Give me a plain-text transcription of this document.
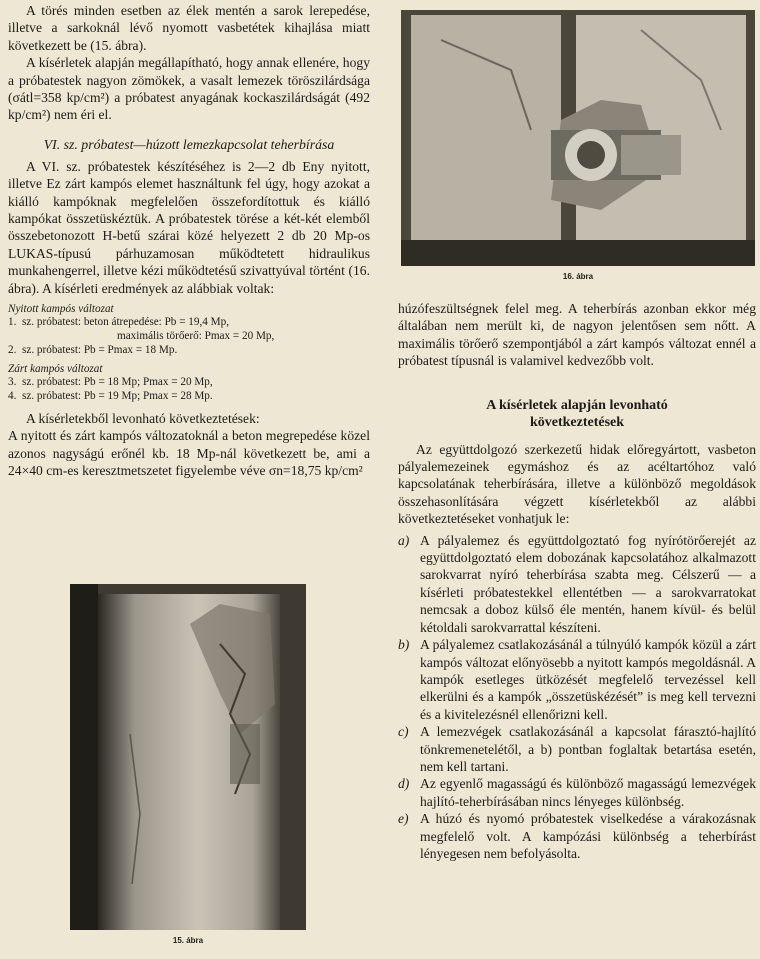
A törés minden esetben az élek mentén a sarok lerepedése, illetve a sarkoknál lévő nyomott vasbetétek kihajlása miatt következett be (15. ábra).

A kísérletek alapján megállapítható, hogy annak ellenére, hogy a próbatestek nagyon zömökek, a vasalt lemezek töröszilárdsága (σátl=358 kp/cm²) a próbatest anyagának kockaszilárdságát (492 kp/cm²) nem éri el.

VI. sz. próbatest—húzott lemezkapcsolat teherbírása

A VI. sz. próbatestek készítéséhez is 2—2 db Eny nyitott, illetve Ez zárt kampós elemet használtunk fel úgy, hogy azokat a kiálló kampóknak megfelelően összefordítottuk és kiálló kampókat összetüskéztük. A próbatestek törése a két-két elemből összebetonozott H-betű szárai közé helyezett 2 db 20 Mp-os LUKAS-típusú párhuzamosan működtetett hidraulikus munkahengerrel, illetve kézi működtetésű szivattyúval történt (16. ábra). A kísérleti eredmények az alábbiak voltak:

Nyitott kampós változat

1. sz. próbatest: beton átrepedése: Pb = 19,4 Mp,
maximális törőerő: Pmax = 20 Mp,
2. sz. próbatest: Pb = Pmax = 18 Mp.

Zárt kampós változat

3. sz. próbatest: Pb = 18 Mp; Pmax = 20 Mp,
4. sz. próbatest: Pb = 19 Mp; Pmax = 28 Mp.

A kísérletekből levonható következtetések:

A nyitott és zárt kampós változatoknál a beton megrepedése közel azonos nagyságú erőnél kb. 18 Mp-nál következett be, ami a 24×40 cm-es keresztmetszetet figyelembe véve σn=18,75 kp/cm²

15. ábra
16. ábra

húzófeszültségnek felel meg. A teherbírás azonban ekkor még általában nem merült ki, de nagyon jelentősen sem nőtt. A maximális törőerő szempontjából a zárt kampós változat ennél a próbatest típusnál is valamivel kedvezőbb volt.

A kísérletek alapján levonható következtetések

Az együttdolgozó szerkezetű hidak előregyártott, vasbeton pályalemezeinek egymáshoz és az acéltartóhoz való kapcsolatának teherbírására, illetve a különböző megoldások összehasonlítására végzett kísérletekből az alábbi következtetéseket vonhatjuk le:

a) A pályalemez és együttdolgoztató fog nyírótörőerejét az együttdolgoztató elem dobozának kapcsolatához alkalmazott sarokvarrat nyíró teherbírása szabta meg. Célszerű — a kísérleti próbatestekkel ellentétben — a sarokvarratokat nemcsak a doboz külső éle mentén, hanem kívül- és belül kétoldali sarokvarrattal készíteni.
b) A pályalemez csatlakozásánál a túlnyúló kampók közül a zárt kampós változat előnyösebb a nyitott kampós megoldásnál. A kampók esetleges ütközését megfelelő tervezéssel kell elkerülni és a kampók „összetüskézését” is meg kell tervezni és a kivitelezésnél ellenőrizni kell.
c) A lemezvégek csatlakozásánál a kapcsolat fárasztó-hajlító tönkremenetelétől, a b) pontban foglaltak betartása esetén, nem kell tartani.
d) Az egyenlő magasságú és különböző magasságú lemezvégek hajlító-teherbírásában nincs lényeges különbség.
e) A húzó és nyomó próbatestek viselkedése a várakozásnak megfelelő volt. A kampózási különbség a teherbírást lényegesen nem befolyásolta.
